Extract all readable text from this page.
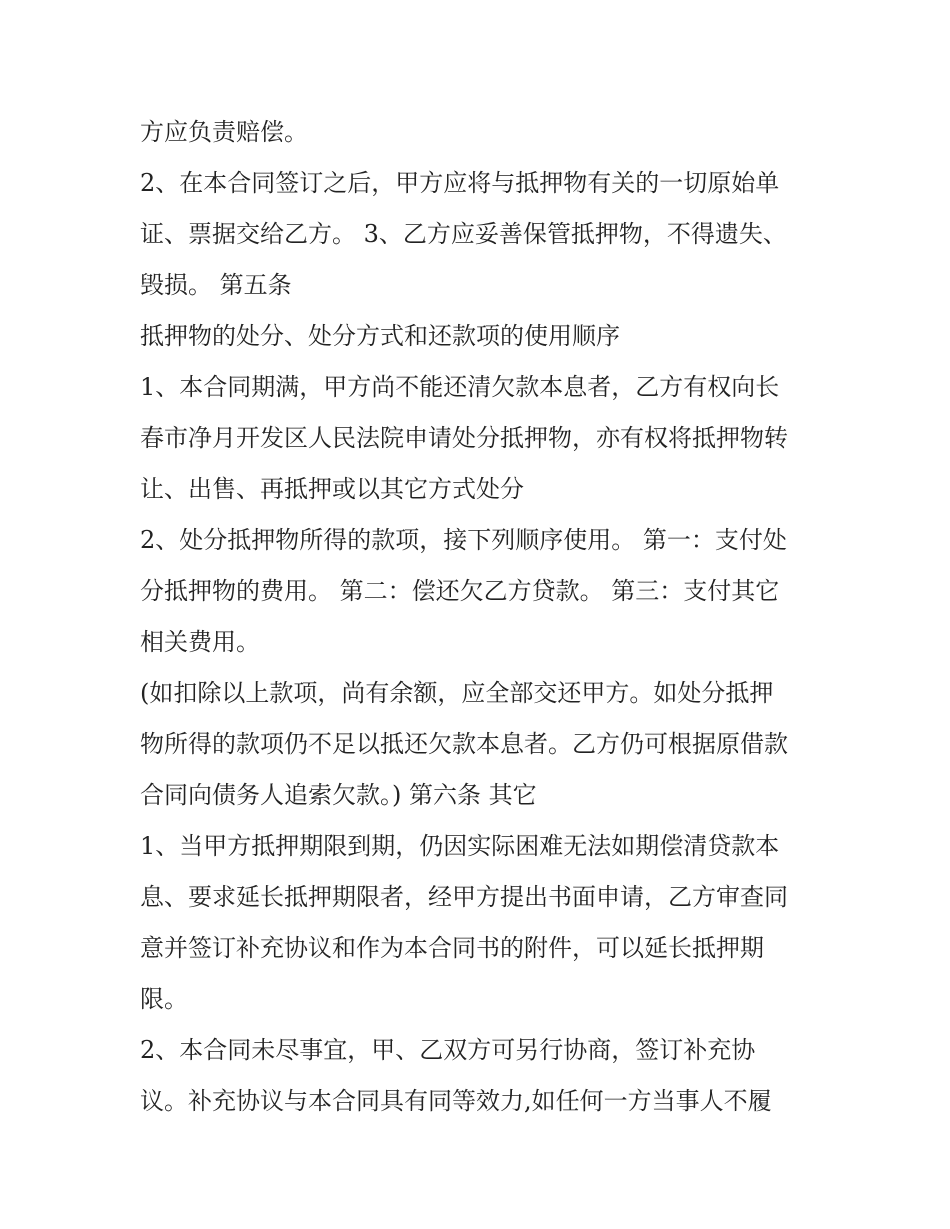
方应负责赔偿。

2、在本合同签订之后，甲方应将与抵押物有关的一切原始单

证、票据交给乙方。 3、乙方应妥善保管抵押物，不得遗失、

毁损。 第五条

抵押物的处分、处分方式和还款项的使用顺序

1、本合同期满，甲方尚不能还清欠款本息者，乙方有权向长

春市净月开发区人民法院申请处分抵押物，亦有权将抵押物转

让、出售、再抵押或以其它方式处分

2、处分抵押物所得的款项，接下列顺序使用。 第一：支付处

分抵押物的费用。 第二：偿还欠乙方贷款。 第三：支付其它

相关费用。

(如扣除以上款项，尚有余额，应全部交还甲方。如处分抵押

物所得的款项仍不足以抵还欠款本息者。乙方仍可根据原借款

合同向债务人追索欠款。) 第六条 其它

1、当甲方抵押期限到期，仍因实际困难无法如期偿清贷款本

息、要求延长抵押期限者，经甲方提出书面申请，乙方审查同

意并签订补充协议和作为本合同书的附件，可以延长抵押期

限。

2、本合同未尽事宜，甲、乙双方可另行协商，签订补充协

议。补充协议与本合同具有同等效力,如任何一方当事人不履
